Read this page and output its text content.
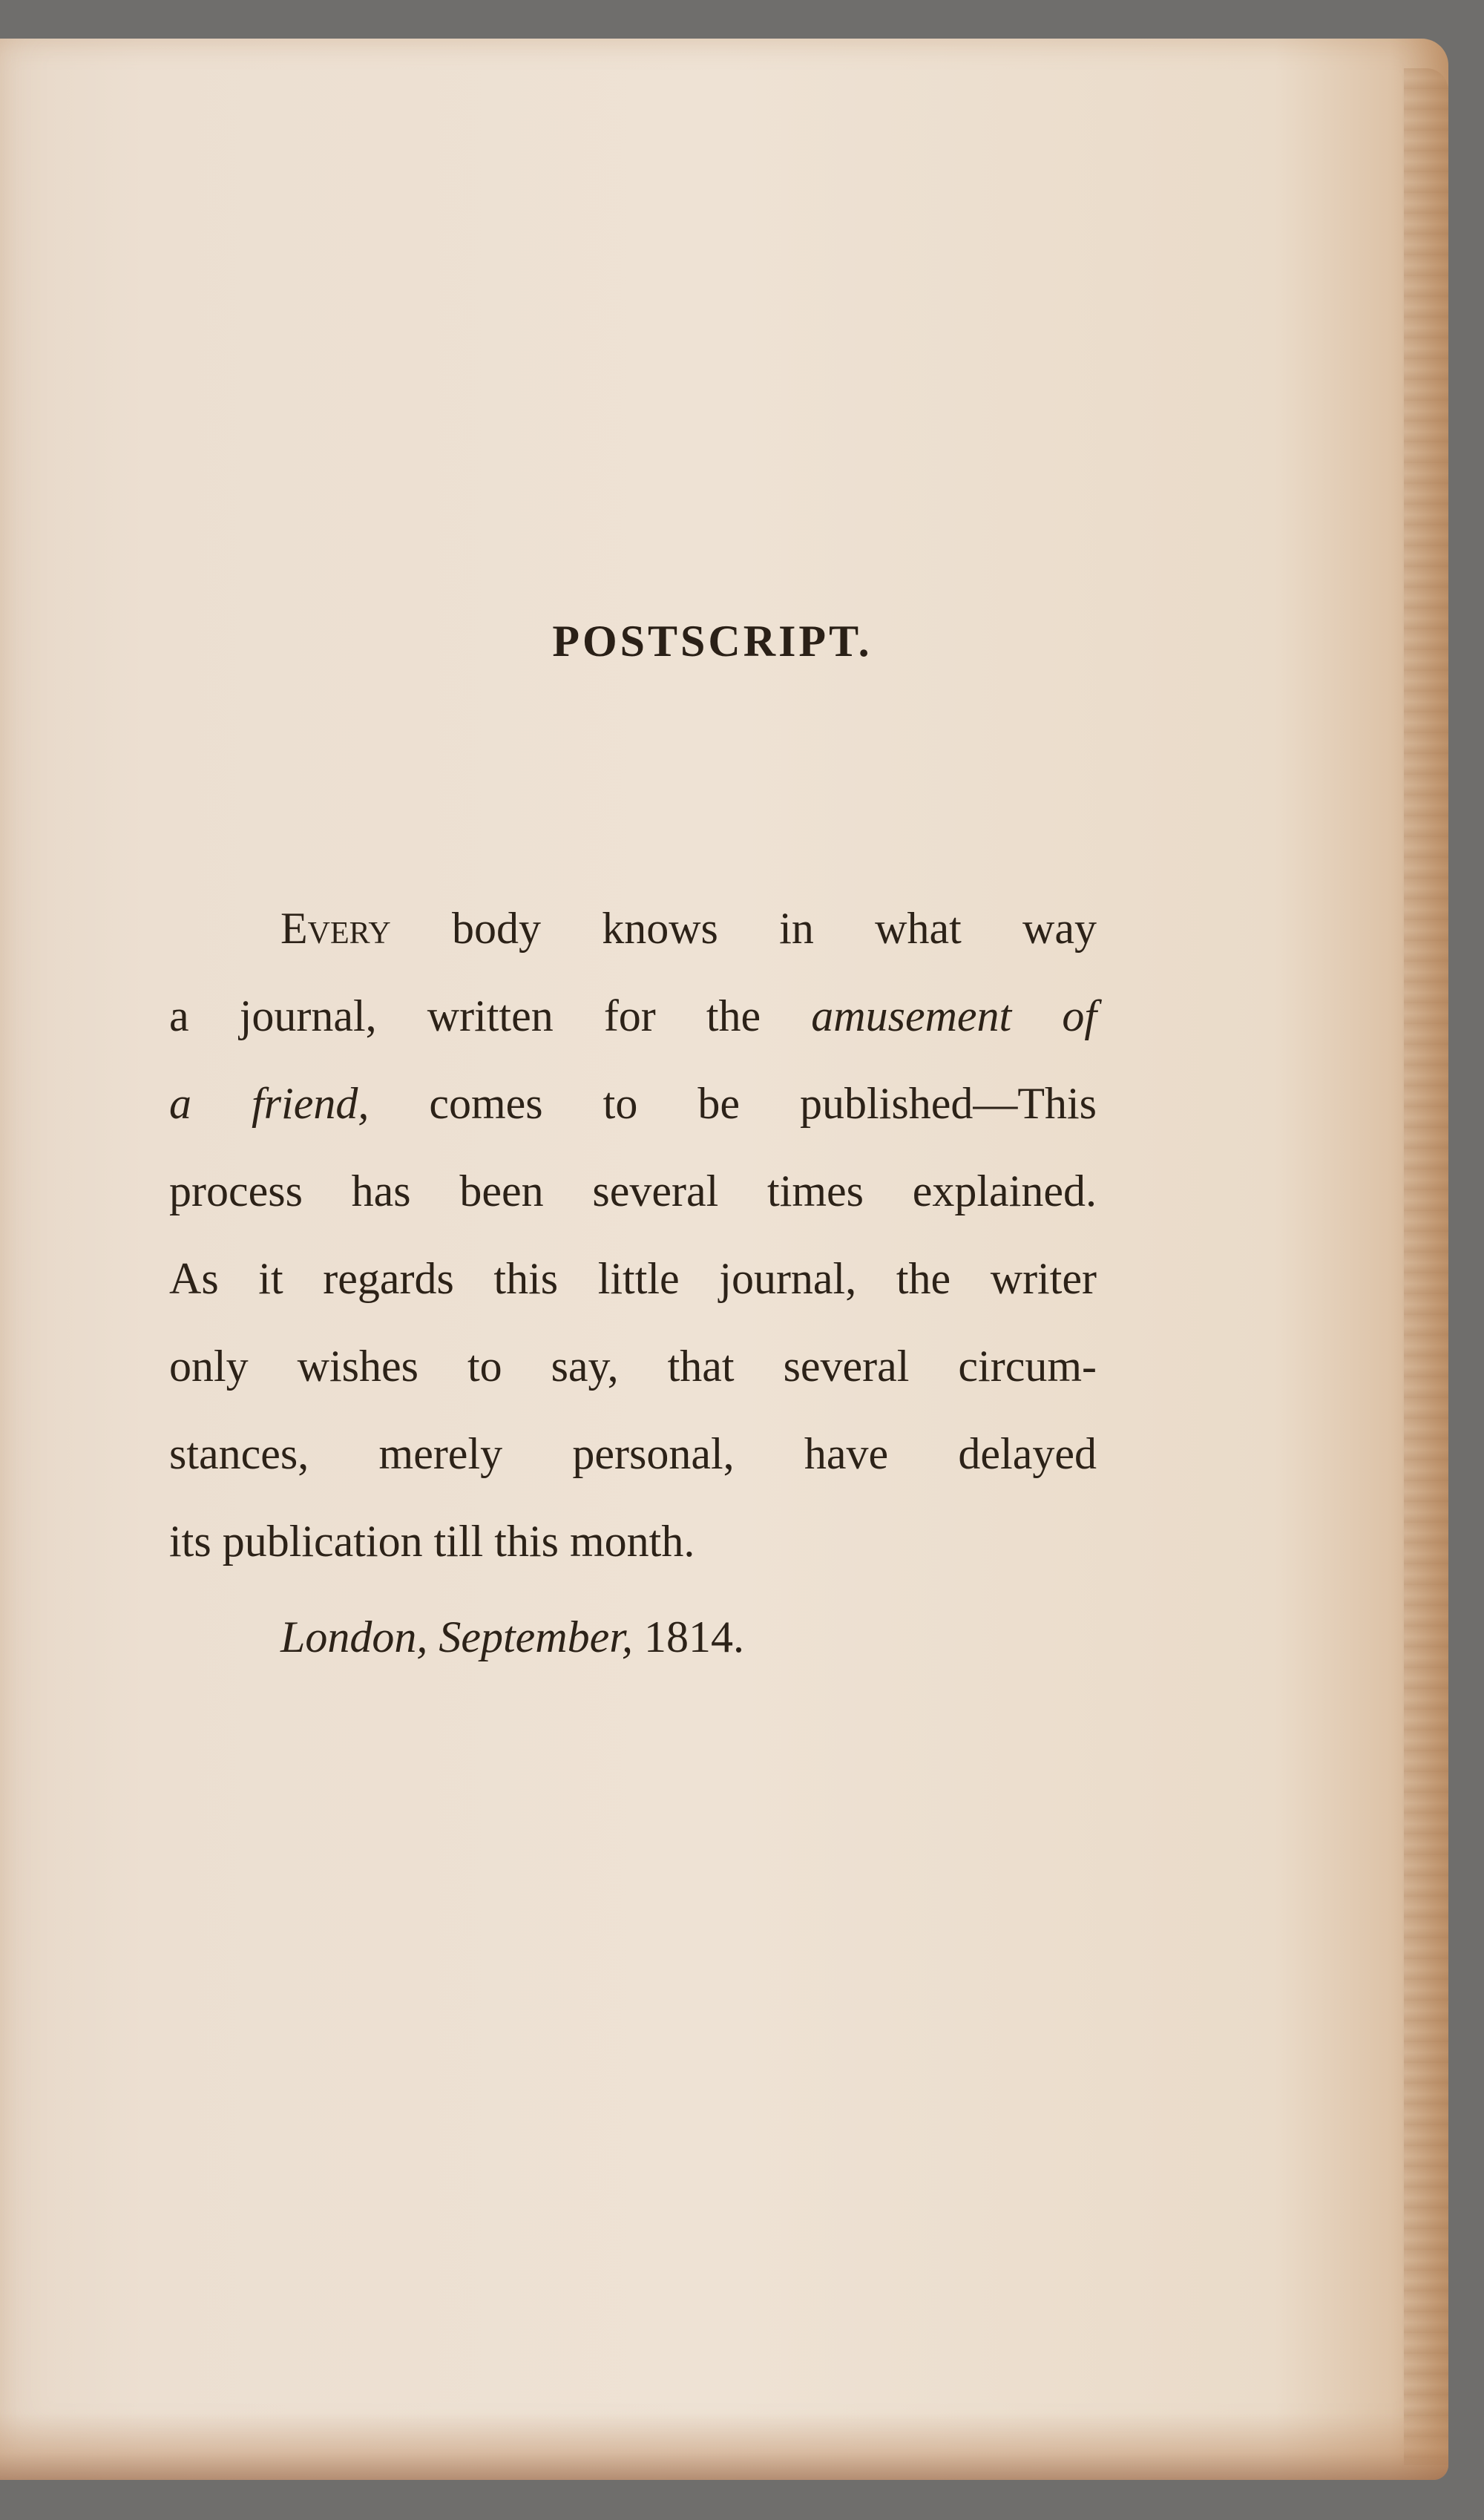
POSTSCRIPT.
Every body knows in what way
a journal, written for the amusement of
a friend, comes to be published—This
process has been several times explained.
As it regards this little journal, the writer
only wishes to say, that several circum-
stances, merely personal, have delayed
its publication till this month.
London, September, 1814.
